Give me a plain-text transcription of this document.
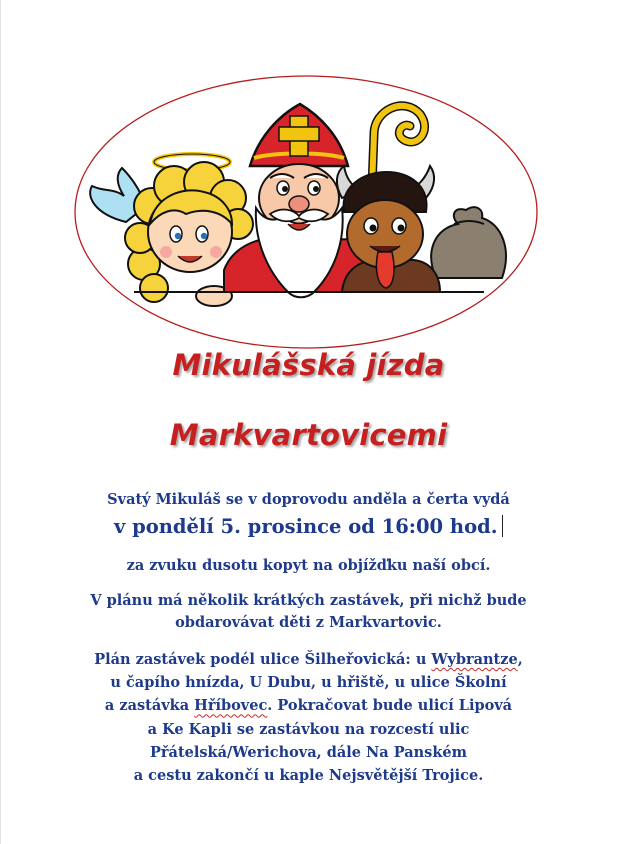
Mikulášská jízda
Markvartovicemi
Svatý Mikuláš se v doprovodu anděla a čerta vydá
v pondělí 5. prosince od 16:00 hod.
za zvuku dusotu kopyt na objížďku naší obcí.
V plánu má několik krátkých zastávek, při nichž bude
obdarovávat děti z Markvartovic.
Plán zastávek podél ulice Šilheřovická: u Wybrantze,
u čapího hnízda, U Dubu, u hřiště, u ulice Školní
a zastávka Hříbovec. Pokračovat bude ulicí Lipová
a Ke Kapli se zastávkou na rozcestí ulic
Přátelská/Werichova, dále Na Panském
a cestu zakončí u kaple Nejsvětější Trojice.
